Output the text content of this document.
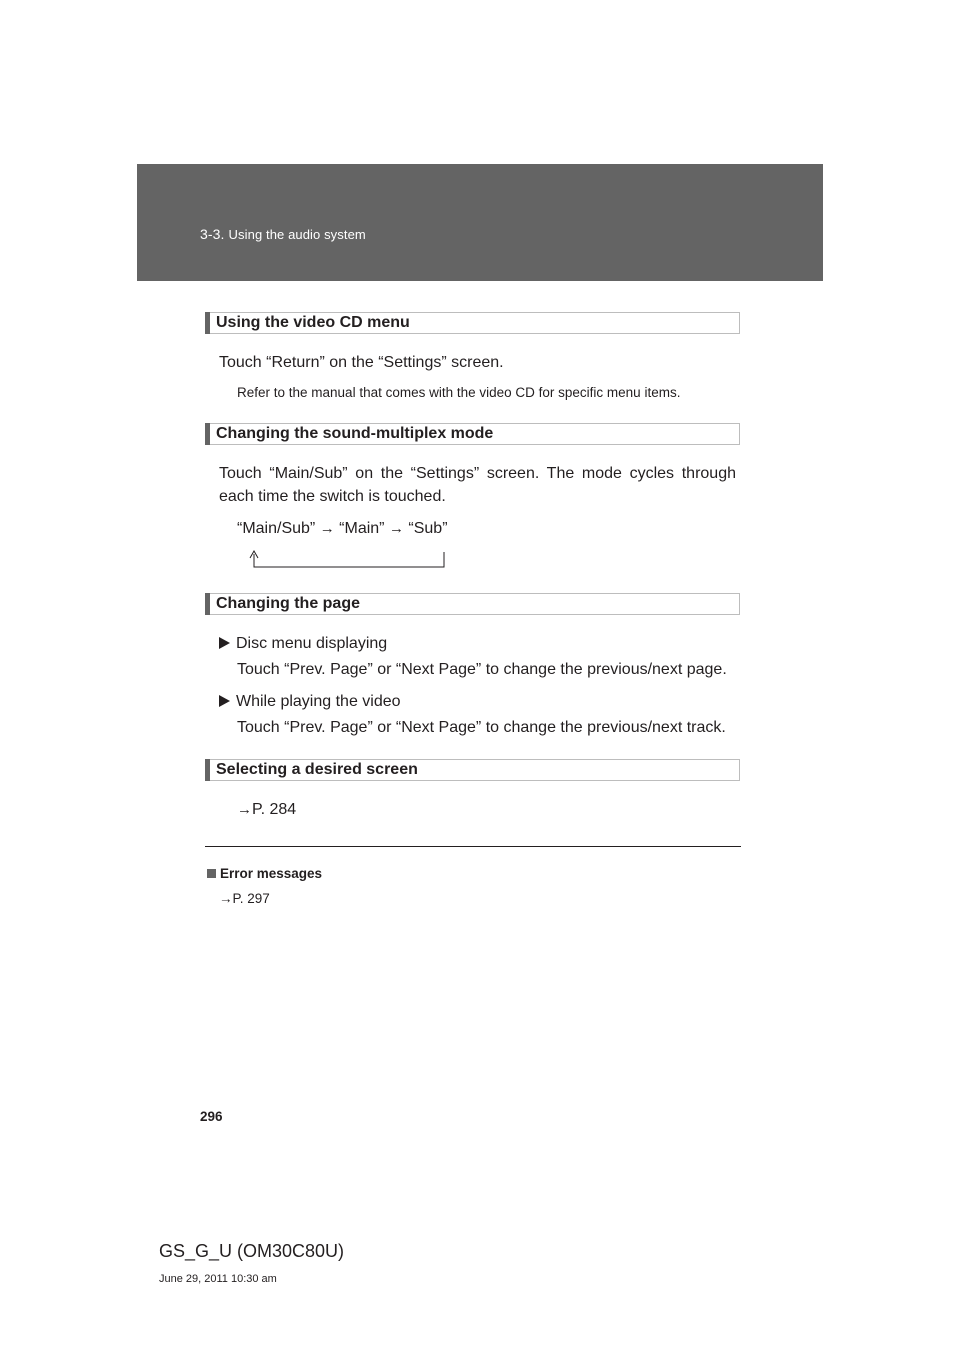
3-3. Using the audio system
Using the video CD menu
Touch “Return” on the “Settings” screen.
Refer to the manual that comes with the video CD for specific menu items.
Changing the sound-multiplex mode
Touch “Main/Sub” on the “Settings” screen. The mode cycles through each time the switch is touched.
“Main/Sub” → “Main” → “Sub”
Changing the page
Disc menu displaying
Touch “Prev. Page” or “Next Page” to change the previous/next page.
While playing the video
Touch “Prev. Page” or “Next Page” to change the previous/next track.
Selecting a desired screen
→P. 284
Error messages
→P. 297
296
GS_G_U (OM30C80U)
June 29, 2011 10:30 am
